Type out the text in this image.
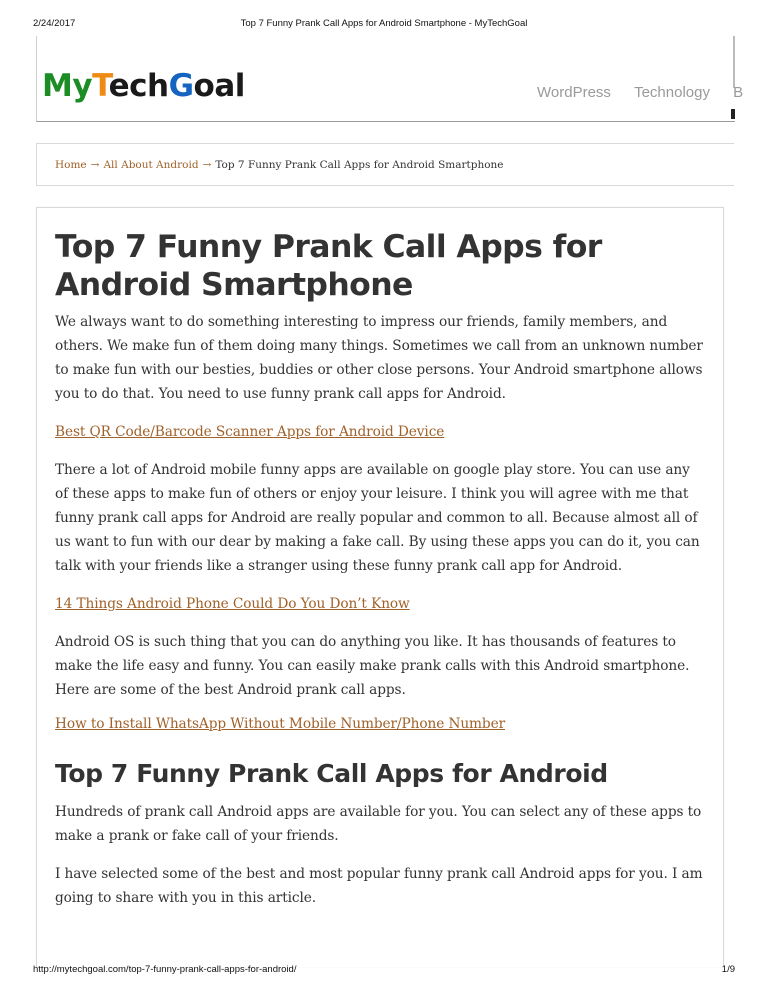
2/24/2017	Top 7 Funny Prank Call Apps for Android Smartphone - MyTechGoal
MyTechGoal	WordPress Technology B
Home → All About Android → Top 7 Funny Prank Call Apps for Android Smartphone
Top 7 Funny Prank Call Apps for Android Smartphone

We always want to do something interesting to impress our friends, family members, and others. We make fun of them doing many things. Sometimes we call from an unknown number to make fun with our besties, buddies or other close persons. Your Android smartphone allows you to do that. You need to use funny prank call apps for Android.

Best QR Code/Barcode Scanner Apps for Android Device

There a lot of Android mobile funny apps are available on google play store. You can use any of these apps to make fun of others or enjoy your leisure. I think you will agree with me that funny prank call apps for Android are really popular and common to all. Because almost all of us want to fun with our dear by making a fake call. By using these apps you can do it, you can talk with your friends like a stranger using these funny prank call app for Android.

14 Things Android Phone Could Do You Don’t Know

Android OS is such thing that you can do anything you like. It has thousands of features to make the life easy and funny. You can easily make prank calls with this Android smartphone. Here are some of the best Android prank call apps.

How to Install WhatsApp Without Mobile Number/Phone Number
Top 7 Funny Prank Call Apps for Android

Hundreds of prank call Android apps are available for you. You can select any of these apps to make a prank or fake call of your friends.

I have selected some of the best and most popular funny prank call Android apps for you. I am going to share with you in this article.

http://mytechgoal.com/top-7-funny-prank-call-apps-for-android/	1/9
